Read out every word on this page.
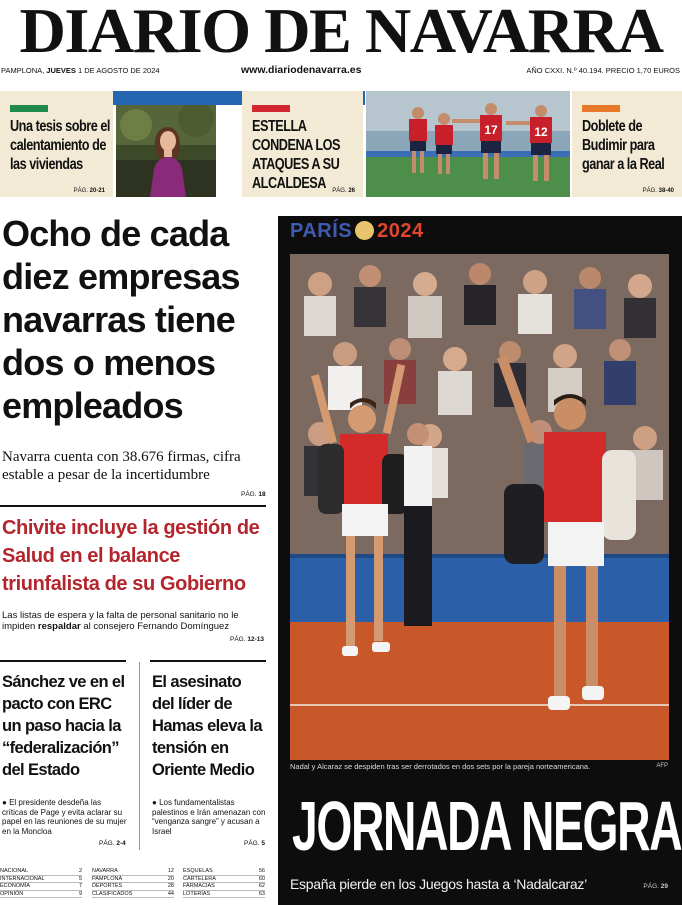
DIARIO DE NAVARRA
PAMPLONA, JUEVES 1 DE AGOSTO DE 2024	www.diariodenavarra.es	AÑO CXXI. N.º 40.194. PRECIO 1,70 EUROS
Una tesis sobre el calentamiento de las viviendas
PÁG. 20-21
ESTELLA CONDENA LOS ATAQUES A SU ALCALDESA	PÁG. 26
17	12 Doblete de Budimir para ganar a la Real
PÁG. 38-40
Ocho de cada diez empresas navarras tiene dos o menos empleados

Navarra cuenta con 38.676 firmas, cifra estable a pesar de la incertidumbre

PÁG. 18
Chivite incluye la gestión de Salud en el balance triunfalista de su Gobierno

Las listas de espera y la falta de personal sanitario no le impiden respaldar al consejero Fernando Domínguez

PÁG. 12-13
Sánchez ve en el pacto con ERC un paso hacia la “federalización” del Estado

● El presidente desdeña las críticas de Page y evita aclarar su papel en las reuniones de su mujer en la Moncloa

PÁG. 2-4
El asesinato del líder de Hamas eleva la tensión en Oriente Medio

● Los fundamentalistas palestinos e Irán amenazan con “venganza sangre” y acusan a Israel

PÁG. 5
NACIONAL	2
INTERNACIONAL	5
ECONOMÍA	7
OPINIÓN	9
NAVARRA	12
PAMPLONA	20
DEPORTES	28
CLASIFICADOS	44
ESQUELAS	56
CARTELERA	60
FARMACIAS	62
LOTERÍAS	63
PARÍS 2024
Nadal y Alcaraz se despiden tras ser derrotados en dos sets por la pareja norteamericana.	AFP
JORNADA NEGRA
España pierde en los Juegos hasta a ‘Nadalcaraz’	PÁG. 29
